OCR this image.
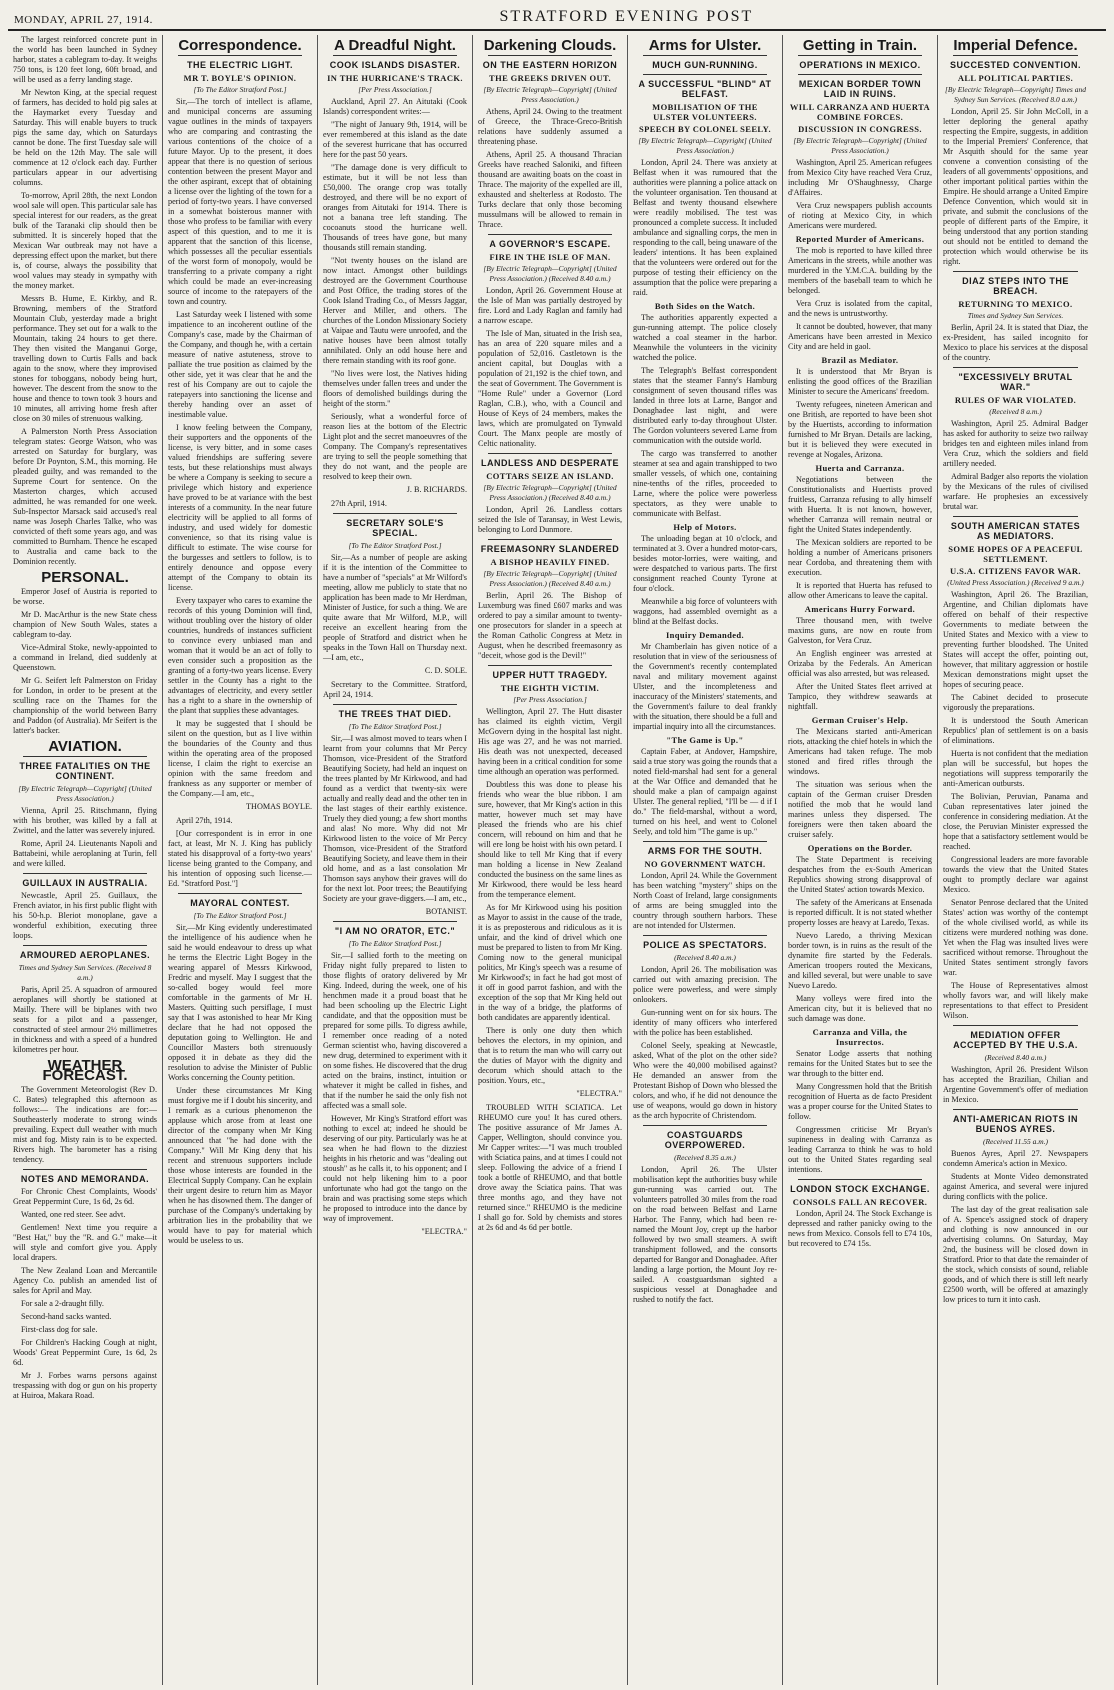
MONDAY, APRIL 27, 1914.	STRATFORD EVENING POST

The largest reinforced concrete punt in the world has been launched in Sydney harbor, states a cablegram to-day. It weighs 750 tons, is 120 feet long, 60ft broad, and will be used as a ferry landing stage.

Mr Newton King, at the special request of farmers, has decided to hold pig sales at the Haymarket every Tuesday and Saturday. This will enable buyers to truck pigs the same day, which on Saturdays cannot be done. The first Tuesday sale will be held on the 12th May. The sale will commence at 12 o'clock each day. Further particulars appear in our advertising columns.

To-morrow, April 28th, the next London wool sale will open. This particular sale has special interest for our readers, as the great bulk of the Taranaki clip should then be submitted. It is sincerely hoped that the Mexican War outbreak may not have a depressing effect upon the market, but there is, of course, always the possibility that wool values may steady in sympathy with the money market.

Messrs B. Hume, E. Kirkby, and R. Browning, members of the Stratford Mountain Club, yesterday made a bright performance. They set out for a walk to the Mountain, taking 24 hours to get there. They then visited the Manganui Gorge, travelling down to Curtis Falls and back again to the snow, where they improvised stones for toboggans, nobody being hurt, however. The descent from the snow to the house and thence to town took 3 hours and 10 minutes, all arriving home fresh after close on 30 miles of strenuous walking.

A Palmerston North Press Association telegram states: George Watson, who was arrested on Saturday for burglary, was before Dr Poynton, S.M., this morning. He pleaded guilty, and was remanded to the Supreme Court for sentence. On the Masterton charges, which accused admitted, he was remanded for one week. Sub-Inspector Marsack said accused's real name was Joseph Charles Talke, who was convicted of theft some years ago, and was committed to Burnham. Thence he escaped to Australia and came back to the Dominion recently.

PERSONAL.

Emperor Josef of Austria is reported to be worse.

Mr D. MacArthur is the new State chess champion of New South Wales, states a cablegram to-day.

Vice-Admiral Stoke, newly-appointed to a command in Ireland, died suddenly at Queenstown.

Mr G. Seifert left Palmerston on Friday for London, in order to be present at the sculling race on the Thames for the championship of the world between Barry and Paddon (of Australia). Mr Seifert is the latter's backer.

AVIATION.
THREE FATALITIES ON THE CONTINENT.
[By Electric Telegraph—Copyright] (United Press Association.)

Vienna, April 25. Ritschmann, flying with his brother, was killed by a fall at Zwittel, and the latter was severely injured.

Rome, April 24. Lieutenants Napoli and Battabeini, while aeroplaning at Turin, fell and were killed.

GUILLAUX IN AUSTRALIA.

Newcastle, April 25. Guillaux, the French aviator, in his first public flight with his 50-h.p. Bleriot monoplane, gave a wonderful exhibition, executing three loops.

ARMOURED AEROPLANES.
Times and Sydney Sun Services. (Received 8 a.m.)

Paris, April 25. A squadron of armoured aeroplanes will shortly be stationed at Mailly. There will be biplanes with two seats for a pilot and a passenger, constructed of steel armour 2½ millimetres in thickness and with a speed of a hundred kilometres per hour.

WEATHER FORECAST.

The Government Meteorologist (Rev D. C. Bates) telegraphed this afternoon as follows:— The indications are for:—Southeasterly moderate to strong winds prevailing. Expect dull weather with much mist and fog. Misty rain is to be expected. Rivers high. The barometer has a rising tendency.

NOTES AND MEMORANDA.

For Chronic Chest Complaints, Woods' Great Peppermint Cure, 1s 6d, 2s 6d.

Wanted, one red steer. See advt.

Gentlemen! Next time you require a "Best Hat," buy the "R. and G." make—it will style and comfort give you. Apply local drapers.

The New Zealand Loan and Mercantile Agency Co. publish an amended list of sales for April and May.

For sale a 2-draught filly.

Second-hand sacks wanted.

First-class dog for sale.

For Children's Hacking Cough at night, Woods' Great Peppermint Cure, 1s 6d, 2s 6d.

Mr J. Forbes warns persons against trespassing with dog or gun on his property at Huiroa, Makara Road.

Correspondence.
THE ELECTRIC LIGHT.
MR T. BOYLE'S OPINION.
[To The Editor Stratford Post.]

Sir,—The torch of intellect is aflame, and municipal concerns are assuming vague outlines in the minds of taxpayers who are comparing and contrasting the various contentions of the choice of a future Mayor. Up to the present, it does appear that there is no question of serious contention between the present Mayor and the other aspirant, except that of obtaining a license over the lighting of the town for a period of forty-two years. I have conversed in a somewhat boisterous manner with those who profess to be familiar with every aspect of this question, and to me it is apparent that the sanction of this license, which possesses all the peculiar essentials of the worst form of monopoly, would be transferring to a private company a right which could be made an ever-increasing source of income to the ratepayers of the town and country.

Last Saturday week I listened with some impatience to an incoherent outline of the Company's case, made by the Chairman of the Company, and though he, with a certain measure of native astuteness, strove to palliate the true position as claimed by the other side, yet it was clear that he and the rest of his Company are out to cajole the ratepayers into sanctioning the license and thereby handing over an asset of inestimable value.

I know feeling between the Company, their supporters and the opponents of the license, is very bitter, and in some cases valued friendships are suffering severe tests, but these relationships must always be where a Company is seeking to secure a privilege which history and experience have proved to be at variance with the best interests of a community. In the near future electricity will be applied to all forms of industry, and used widely for domestic convenience, so that its rising value is difficult to estimate. The wise course for the burgesses and settlers to follow, is to entirely denounce and oppose every attempt of the Company to obtain its license.

Every taxpayer who cares to examine the records of this young Dominion will find, without troubling over the history of older countries, hundreds of instances sufficient to convince every unbiased man and woman that it would be an act of folly to even consider such a proposition as the granting of a forty-two years license. Every settler in the County has a right to the advantages of electricity, and every settler has a right to a share in the ownership of the plant that supplies these advantages.

It may be suggested that I should be silent on the question, but as I live within the boundaries of the County and thus within the operating area of the proposed license, I claim the right to exercise an opinion with the same freedom and frankness as any supporter or member of the Company.—I am, etc.,

THOMAS BOYLE.

April 27th, 1914.

[Our correspondent is in error in one fact, at least, Mr N. J. King has publicly stated his disapproval of a forty-two years' license being granted to the Company, and his intention of opposing such license.—Ed. "Stratford Post."]

MAYORAL CONTEST.
[To The Editor Stratford Post.]

Sir,—Mr King evidently underestimated the intelligence of his audience when he said he would endeavour to dress up what he terms the Electric Light Bogey in the wearing apparel of Messrs Kirkwood, Fredric and myself. May I suggest that the so-called bogey would feel more comfortable in the garments of Mr H. Masters. Quitting such persiflage, I must say that I was astonished to hear Mr King declare that he had not opposed the deputation going to Wellington. He and Councillor Masters both strenuously opposed it in debate as they did the resolution to advise the Minister of Public Works concerning the County petition.

Under these circumstances Mr King must forgive me if I doubt his sincerity, and I remark as a curious phenomenon the applause which arose from at least one director of the company when Mr King announced that "he had done with the Company." Will Mr King deny that his recent and strenuous supporters include those whose interests are founded in the Electrical Supply Company. Can he explain their urgent desire to return him as Mayor when he has disowned them. The danger of purchase of the Company's undertaking by arbitration lies in the probability that we would have to pay for material which would be useless to us.

A Dreadful Night.
COOK ISLANDS DISASTER.
IN THE HURRICANE'S TRACK.
[Per Press Association.]

Auckland, April 27. An Aitutaki (Cook Islands) correspondent writes:—

"The night of January 9th, 1914, will be ever remembered at this island as the date of the severest hurricane that has occurred here for the past 50 years.

"The damage done is very difficult to estimate, but it will be not less than £50,000. The orange crop was totally destroyed, and there will be no export of oranges from Aitutaki for 1914. There is not a banana tree left standing. The cocoanuts stood the hurricane well. Thousands of trees have gone, but many thousands still remain standing.

"Not twenty houses on the island are now intact. Amongst other buildings destroyed are the Government Courthouse and Post Office, the trading stores of the Cook Island Trading Co., of Messrs Jaggar, Herver and Miller, and others. The churches of the London Missionary Society at Vaipae and Tautu were unroofed, and the native houses have been almost totally annihilated. Only an odd house here and there remain standing with its roof gone.

"No lives were lost, the Natives hiding themselves under fallen trees and under the floors of demolished buildings during the height of the storm."

Seriously, what a wonderful force of reason lies at the bottom of the Electric Light plot and the secret manoeuvres of the Company. The Company's representatives are trying to sell the people something that they do not want, and the people are resolved to keep their own.

J. B. RICHARDS.

27th April, 1914.

SECRETARY SOLE'S SPECIAL.
[To The Editor Stratford Post.]

Sir,—As a number of people are asking if it is the intention of the Committee to have a number of "specials" at Mr Wilford's meeting, allow me publicly to state that no application has been made to Mr Herdman, Minister of Justice, for such a thing. We are quite aware that Mr Wilford, M.P., will receive an excellent hearing from the people of Stratford and district when he speaks in the Town Hall on Thursday next.—I am, etc.,

C. D. SOLE.

Secretary to the Committee. Stratford, April 24, 1914.

THE TREES THAT DIED.
[To The Editor Stratford Post.]

Sir,—I was almost moved to tears when I learnt from your columns that Mr Percy Thomson, vice-President of the Stratford Beautifying Society, had held an inquest on the trees planted by Mr Kirkwood, and had found as a verdict that twenty-six were actually and really dead and the other ten in the last stages of their earthly existence. Truely they died young; a few short months and alas! No more. Why did not Mr Kirkwood listen to the voice of Mr Percy Thomson, vice-President of the Stratford Beautifying Society, and leave them in their old home, and as a last consolation Mr Thomson says anyhow their graves will do for the next lot. Poor trees; the Beautifying Society are your grave-diggers.—I am, etc.,

BOTANIST.
"I AM NO ORATOR, ETC."
[To The Editor Stratford Post.]

Sir,—I sallied forth to the meeting on Friday night fully prepared to listen to those flights of oratory delivered by Mr King. Indeed, during the week, one of his henchmen made it a proud boast that he had been schooling up the Electric Light candidate, and that the opposition must be prepared for some pills. To digress awhile, I remember once reading of a noted German scientist who, having discovered a new drug, determined to experiment with it on some fishes. He discovered that the drug acted on the brains, instinct, intuition or whatever it might be called in fishes, and that if the number he said the only fish not affected was a small sole.

However, Mr King's Stratford effort was nothing to excel at; indeed he should be deserving of our pity. Particularly was he at sea when he had flown to the dizziest heights in his rhetoric and was "dealing out stoush" as he calls it, to his opponent; and I could not help likening him to a poor unfortunate who had got the tango on the brain and was practising some steps which he proposed to introduce into the dance by way of improvement.

"ELECTRA."
Darkening Clouds.
ON THE EASTERN HORIZON
THE GREEKS DRIVEN OUT.
[By Electric Telegraph—Copyright] (United Press Association.)

Athens, April 24. Owing to the treatment of Greece, the Thrace-Greco-British relations have suddenly assumed a threatening phase.

Athens, April 25. A thousand Thracian Greeks have reached Saloniki, and fifteen thousand are awaiting boats on the coast in Thrace. The majority of the expelled are ill, exhausted and shelterless at Rodosto. The Turks declare that only those becoming mussulmans will be allowed to remain in Thrace.

A GOVERNOR'S ESCAPE.
FIRE IN THE ISLE OF MAN.
[By Electric Telegraph—Copyright] (United Press Association.) (Received 8.40 a.m.)

London, April 26. Government House at the Isle of Man was partially destroyed by fire. Lord and Lady Raglan and family had a narrow escape.

The Isle of Man, situated in the Irish sea, has an area of 220 square miles and a population of 52,016. Castletown is the ancient capital, but Douglas with a population of 21,192 is the chief town, and the seat of Government. The Government is "Home Rule" under a Governor (Lord Raglan, C.B.), who, with a Council and House of Keys of 24 members, makes the laws, which are promulgated on Tynwald Court. The Manx people are mostly of Celtic nationality.

LANDLESS AND DESPERATE
COTTARS SEIZE AN ISLAND.
[By Electric Telegraph—Copyright] (United Press Association.) (Received 8.40 a.m.)

London, April 26. Landless cottars seized the Isle of Taransay, in West Lewis, belonging to Lord Dunmore.

FREEMASONRY SLANDERED
A BISHOP HEAVILY FINED.
[By Electric Telegraph—Copyright] (United Press Association.) (Received 8.40 a.m.)

Berlin, April 26. The Bishop of Luxemburg was fined £607 marks and was ordered to pay a similar amount to twenty-one prosecutors for slander in a speech at the Roman Catholic Congress at Metz in August, when he described freemasonry as "deceit, whose god is the Devil!"

UPPER HUTT TRAGEDY.
THE EIGHTH VICTIM.
[Per Press Association.]

Wellington, April 27. The Hutt disaster has claimed its eighth victim, Vergil McGovern dying in the hospital last night. His age was 27, and he was not married. His death was not unexpected, deceased having been in a critical condition for some time although an operation was performed.

Doubtless this was done to please his friends who wear the blue ribbon. I am sure, however, that Mr King's action in this matter, however much set may have pleased the friends who are his chief concern, will rebound on him and that he will ere long be hoist with his own petard. I should like to tell Mr King that if every man holding a license in New Zealand conducted the business on the same lines as Mr Kirkwood, there would be less heard from the temperance element.

As for Mr Kirkwood using his position as Mayor to assist in the cause of the trade, it is as preposterous and ridiculous as it is unfair, and the kind of drivel which one must be prepared to listen to from Mr King. Coming now to the general municipal politics, Mr King's speech was a resume of Mr Kirkwood's; in fact he had got most of it off in good parrot fashion, and with the exception of the sop that Mr King held out in the way of a bridge, the platforms of both candidates are apparently identical.

There is only one duty then which behoves the electors, in my opinion, and that is to return the man who will carry out the duties of Mayor with the dignity and decorum which should attach to the position. Yours, etc.,

"ELECTRA."

TROUBLED WITH SCIATICA. Let RHEUMO cure you! It has cured others. The positive assurance of Mr James A. Capper, Wellington, should convince you. Mr Capper writes:—"I was much troubled with Sciatica pains, and at times I could not sleep. Following the advice of a friend I took a bottle of RHEUMO, and that bottle drove away the Sciatica pains. That was three months ago, and they have not returned since." RHEUMO is the medicine I shall go for. Sold by chemists and stores at 2s 6d and 4s 6d per bottle.

Arms for Ulster.
MUCH GUN-RUNNING.
A SUCCESSFUL "BLIND" AT BELFAST.
MOBILISATION OF THE ULSTER VOLUNTEERS.
SPEECH BY COLONEL SEELY.
[By Electric Telegraph—Copyright] (United Press Association.)

London, April 24. There was anxiety at Belfast when it was rumoured that the authorities were planning a police attack on the volunteer organisation. Ten thousand at Belfast and twenty thousand elsewhere were readily mobilised. The test was pronounced a complete success. It included ambulance and signalling corps, the men in responding to the call, being unaware of the leaders' intentions. It has been explained that the volunteers were ordered out for the purpose of testing their efficiency on the assumption that the police were preparing a raid.

Both Sides on the Watch.

The authorities apparently expected a gun-running attempt. The police closely watched a coal steamer in the harbor. Meanwhile the volunteers in the vicinity watched the police.

The Telegraph's Belfast correspondent states that the steamer Fanny's Hamburg consignment of seven thousand rifles was landed in three lots at Larne, Bangor and Donaghadee last night, and were distributed early to-day throughout Ulster. The Gordon volunteers severed Larne from communication with the outside world.

The cargo was transferred to another steamer at sea and again transhipped to two smaller vessels, of which one, containing nine-tenths of the rifles, proceeded to Larne, where the police were powerless spectators, as they were unable to communicate with Belfast.

Help of Motors.

The unloading began at 10 o'clock, and terminated at 3. Over a hundred motor-cars, besides motor-lorries, were waiting, and were despatched to various parts. The first consignment reached County Tyrone at four o'clock.

Meanwhile a big force of volunteers with waggons, had assembled overnight as a blind at the Belfast docks.

Inquiry Demanded.

Mr Chamberlain has given notice of a resolution that in view of the seriousness of the Government's recently contemplated naval and military movement against Ulster, and the incompleteness and inaccuracy of the Ministers' statements, and the Government's failure to deal frankly with the situation, there should be a full and impartial inquiry into all the circumstances.

"The Game is Up."

Captain Faber, at Andover, Hampshire, said a true story was going the rounds that a noted field-marshal had sent for a general at the War Office and demanded that he should make a plan of campaign against Ulster. The general replied, "I'll be — d if I do." The field-marshal, without a word, turned on his heel, and went to Colonel Seely, and told him "The game is up."

ARMS FOR THE SOUTH.
NO GOVERNMENT WATCH.

London, April 24. While the Government has been watching "mystery" ships on the North Coast of Ireland, large consignments of arms are being smuggled into the country through southern harbors. These are not intended for Ulstermen.

POLICE AS SPECTATORS.
(Received 8.40 a.m.)

London, April 26. The mobilisation was carried out with amazing precision. The police were powerless, and were simply onlookers.

Gun-running went on for six hours. The identity of many officers who interfered with the police has been established.

Colonel Seely, speaking at Newcastle, asked, What of the plot on the other side? Who were the 40,000 mobilised against? He demanded an answer from the Protestant Bishop of Down who blessed the colors, and who, if he did not denounce the use of weapons, would go down in history as the arch hypocrite of Christendom.

COASTGUARDS OVERPOWERED.
(Received 8.35 a.m.)

London, April 26. The Ulster mobilisation kept the authorities busy while gun-running was carried out. The volunteers patrolled 30 miles from the road on the road between Belfast and Larne Harbor. The Fanny, which had been re-named the Mount Joy, crept up the harbor followed by two small steamers. A swift transhipment followed, and the consorts departed for Bangor and Donaghadee. After landing a large portion, the Mount Joy re-sailed. A coastguardsman sighted a suspicious vessel at Donaghadee and rushed to notify the fact.

Getting in Train.
OPERATIONS IN MEXICO.
MEXICAN BORDER TOWN LAID IN RUINS.
WILL CARRANZA AND HUERTA COMBINE FORCES.
DISCUSSION IN CONGRESS.
[By Electric Telegraph—Copyright] (United Press Association.)

Washington, April 25. American refugees from Mexico City have reached Vera Cruz, including Mr O'Shaughnessy, Charge d'Affaires.

Vera Cruz newspapers publish accounts of rioting at Mexico City, in which Americans were murdered.

Reported Murder of Americans.

The mob is reported to have killed three Americans in the streets, while another was murdered in the Y.M.C.A. building by the members of the baseball team to which he belonged.

Vera Cruz is isolated from the capital, and the news is untrustworthy.

It cannot be doubted, however, that many Americans have been arrested in Mexico City and are held in gaol.

Brazil as Mediator.

It is understood that Mr Bryan is enlisting the good offices of the Brazilian Minister to secure the Americans' freedom.

Twenty refugees, nineteen American and one British, are reported to have been shot by the Huertists, according to information furnished to Mr Bryan. Details are lacking, but it is believed they were executed in revenge at Nogales, Arizona.

Huerta and Carranza.

Negotiations between the Constitutionalists and Huertists proved fruitless, Carranza refusing to ally himself with Huerta. It is not known, however, whether Carranza will remain neutral or fight the United States independently.

The Mexican soldiers are reported to be holding a number of Americans prisoners near Cordoba, and threatening them with execution.

It is reported that Huerta has refused to allow other Americans to leave the capital.

Americans Hurry Forward.

Three thousand men, with twelve maxims guns, are now en route from Galveston, for Vera Cruz.

An English engineer was arrested at Orizaba by the Federals. An American official was also arrested, but was released.

After the United States fleet arrived at Tampico, they withdrew seawards at nightfall.

German Cruiser's Help.

The Mexicans started anti-American riots, attacking the chief hotels in which the Americans had taken refuge. The mob stoned and fired rifles through the windows.

The situation was serious when the captain of the German cruiser Dresden notified the mob that he would land marines unless they dispersed. The foreigners were then taken aboard the cruiser safely.

Operations on the Border.

The State Department is receiving despatches from the ex-South American Republics showing strong disapproval of the United States' action towards Mexico.

The safety of the Americans at Ensenada is reported difficult. It is not stated whether property losses are heavy at Laredo, Texas.

Nuevo Laredo, a thriving Mexican border town, is in ruins as the result of the dynamite fire started by the Federals. American troopers routed the Mexicans, and killed several, but were unable to save Nuevo Laredo.

Many volleys were fired into the American city, but it is believed that no such damage was done.

Carranza and Villa, the Insurrectos.

Senator Lodge asserts that nothing remains for the United States but to see the war through to the bitter end.

Many Congressmen hold that the British recognition of Huerta as de facto President was a proper course for the United States to follow.

Congressmen criticise Mr Bryan's supineness in dealing with Carranza as leading Carranza to think he was to hold out to the United States regarding seal intentions.

LONDON STOCK EXCHANGE.
CONSOLS FALL AN RECOVER.

London, April 24. The Stock Exchange is depressed and rather panicky owing to the news from Mexico. Consols fell to £74 10s, but recovered to £74 15s.

Imperial Defence.
SUCCESTED CONVENTION.
ALL POLITICAL PARTIES.
[By Electric Telegraph—Copyright] Times and Sydney Sun Services. (Received 8.0 a.m.)

London, April 25. Sir John McColl, in a letter deploring the general apathy respecting the Empire, suggests, in addition to the Imperial Premiers' Conference, that Mr Asquith should for the same year convene a convention consisting of the leaders of all governments' oppositions, and other important political parties within the Empire. He should arrange a United Empire Defence Convention, which would sit in private, and submit the conclusions of the people of different parts of the Empire, it being understood that any portion standing out should not be entitled to demand the protection which would otherwise be its right.

DIAZ STEPS INTO THE BREACH.
RETURNING TO MEXICO.
Times and Sydney Sun Services.

Berlin, April 24. It is stated that Diaz, the ex-President, has sailed incognito for Mexico to place his services at the disposal of the country.

"EXCESSIVELY BRUTAL WAR."
RULES OF WAR VIOLATED.
(Received 8 a.m.)

Washington, April 25. Admiral Badger has asked for authority to seize two railway bridges ten and eighteen miles inland from Vera Cruz, which the soldiers and field artillery needed.

Admiral Badger also reports the violation by the Mexicans of the rules of civilised warfare. He prophesies an excessively brutal war.

SOUTH AMERICAN STATES AS MEDIATORS.
SOME HOPES OF A PEACEFUL SETTLEMENT.
U.S.A. CITIZENS FAVOR WAR.
(United Press Association.) (Received 9 a.m.)

Washington, April 26. The Brazilian, Argentine, and Chilian diplomats have offered on behalf of their respective Governments to mediate between the United States and Mexico with a view to preventing further bloodshed. The United States will accept the offer, pointing out, however, that military aggression or hostile Mexican demonstrations might upset the hopes of securing peace.

The Cabinet decided to prosecute vigorously the preparations.

It is understood the South American Republics' plan of settlement is on a basis of eliminations.

Huerta is not confident that the mediation plan will be successful, but hopes the negotiations will suppress temporarily the anti-American outbursts.

The Bolivian, Peruvian, Panama and Cuban representatives later joined the conference in considering mediation. At the close, the Peruvian Minister expressed the hope that a satisfactory settlement would be reached.

Congressional leaders are more favorable towards the view that the United States ought to promptly declare war against Mexico.

Senator Penrose declared that the United States' action was worthy of the contempt of the whole civilised world, as while its citizens were murdered nothing was done. Yet when the Flag was insulted lives were sacrificed without remorse. Throughout the United States sentiment strongly favors war.

The House of Representatives almost wholly favors war, and will likely make representations to that effect to President Wilson.

MEDIATION OFFER ACCEPTED BY THE U.S.A.
(Received 8.40 a.m.)

Washington, April 26. President Wilson has accepted the Brazilian, Chilian and Argentine Government's offer of mediation in Mexico.

ANTI-AMERICAN RIOTS IN BUENOS AYRES.
(Received 11.55 a.m.)

Buenos Ayres, April 27. Newspapers condemn America's action in Mexico.

Students at Monte Video demonstrated against America, and several were injured during conflicts with the police.

The last day of the great realisation sale of A. Spence's assigned stock of drapery and clothing is now announced in our advertising columns. On Saturday, May 2nd, the business will be closed down in Stratford. Prior to that date the remainder of the stock, which consists of sound, reliable goods, and of which there is still left nearly £2500 worth, will be offered at amazingly low prices to turn it into cash.
